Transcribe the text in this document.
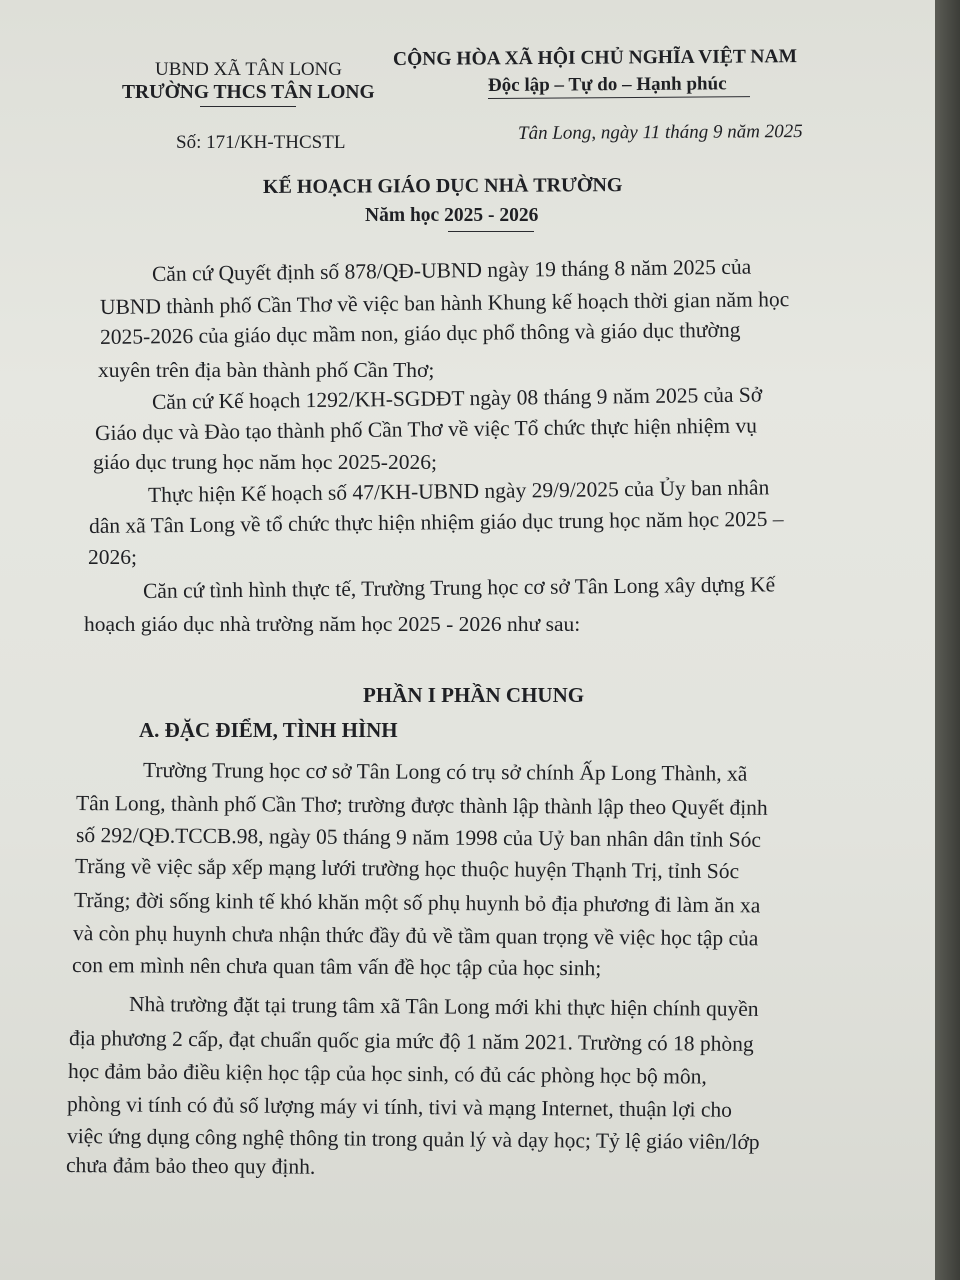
UBND XÃ TÂN LONG
TRƯỜNG THCS TÂN LONG
CỘNG HÒA XÃ HỘI CHỦ NGHĨA VIỆT NAM
Độc lập – Tự do – Hạnh phúc
Số: 171/KH-THCSTL	Tân Long, ngày 11 tháng 9 năm 2025
KẾ HOẠCH GIÁO DỤC NHÀ TRƯỜNG
Năm học 2025 - 2026
Căn cứ Quyết định số 878/QĐ-UBND ngày 19 tháng 8 năm 2025 của
UBND thành phố Cần Thơ về việc ban hành Khung kế hoạch thời gian năm học
2025-2026 của giáo dục mầm non, giáo dục phổ thông và giáo dục thường
xuyên trên địa bàn thành phố Cần Thơ;
Căn cứ Kế hoạch 1292/KH-SGDĐT ngày 08 tháng 9 năm 2025 của Sở
Giáo dục và Đào tạo thành phố Cần Thơ về việc Tổ chức thực hiện nhiệm vụ
giáo dục trung học năm học 2025-2026;
Thực hiện Kế hoạch số 47/KH-UBND ngày 29/9/2025 của Ủy ban nhân
dân xã Tân Long về tổ chức thực hiện nhiệm giáo dục trung học năm học 2025 –
2026;
Căn cứ tình hình thực tế, Trường Trung học cơ sở Tân Long xây dựng Kế
hoạch giáo dục nhà trường năm học 2025 - 2026 như sau:
PHẦN I PHẦN CHUNG
A. ĐẶC ĐIỂM, TÌNH HÌNH
Trường Trung học cơ sở Tân Long có trụ sở chính Ấp Long Thành, xã
Tân Long, thành phố Cần Thơ; trường được thành lập thành lập theo Quyết định
số 292/QĐ.TCCB.98, ngày 05 tháng 9 năm 1998 của Uỷ ban nhân dân tỉnh Sóc
Trăng về việc sắp xếp mạng lưới trường học thuộc huyện Thạnh Trị, tỉnh Sóc
Trăng; đời sống kinh tế khó khăn một số phụ huynh bỏ địa phương đi làm ăn xa
và còn phụ huynh chưa nhận thức đầy đủ về tầm quan trọng về việc học tập của
con em mình nên chưa quan tâm vấn đề học tập của học sinh;
Nhà trường đặt tại trung tâm xã Tân Long mới khi thực hiện chính quyền
địa phương 2 cấp, đạt chuẩn quốc gia mức độ 1 năm 2021. Trường có 18 phòng
học đảm bảo điều kiện học tập của học sinh, có đủ các phòng học bộ môn,
phòng vi tính có đủ số lượng máy vi tính, tivi và mạng Internet, thuận lợi cho
việc ứng dụng công nghệ thông tin trong quản lý và dạy học; Tỷ lệ giáo viên/lớp
chưa đảm bảo theo quy định.
